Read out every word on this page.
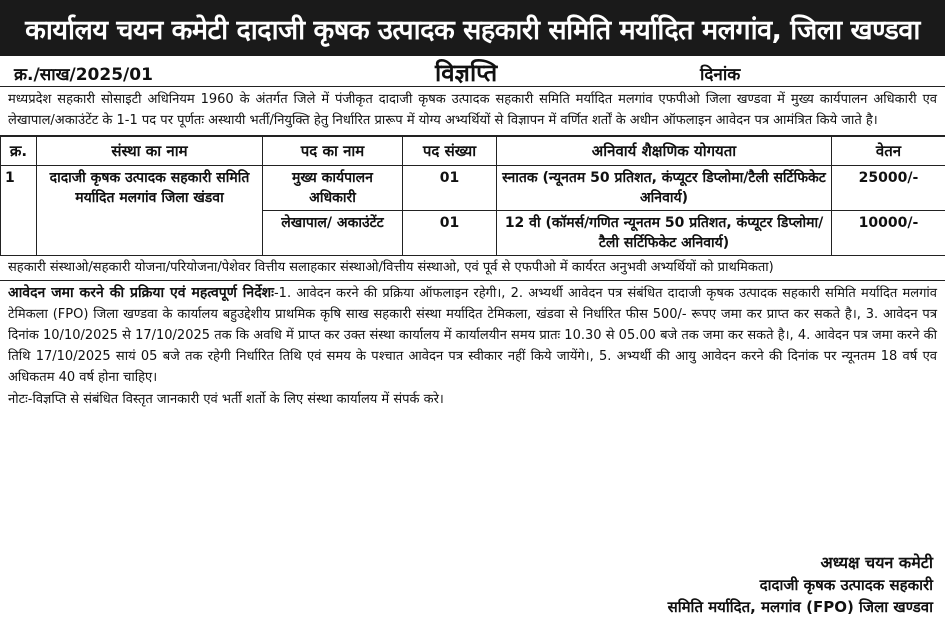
कार्यालय चयन कमेटी दादाजी कृषक उत्पादक सहकारी समिति मर्यादित मलगांव, जिला खण्डवा
क्र./साख/2025/01	विज्ञप्ति	दिनांक
मध्यप्रदेश सहकारी सोसाइटी अधिनियम 1960 के अंतर्गत जिले में पंजीकृत दादाजी कृषक उत्पादक सहकारी समिति मर्यादित मलगांव एफपीओ जिला खण्डवा में मुख्य कार्यपालन अधिकारी एव लेखापाल/अकाउंटेंट के 1-1 पद पर पूर्णतः अस्थायी भर्ती/नियुक्ति हेतु निर्धारित प्रारूप में योग्य अभ्यर्थियों से विज्ञापन में वर्णित शर्तों के अधीन ऑफलाइन आवेदन पत्र आमंत्रित किये जाते है।
क्र.	संस्था का नाम	पद का नाम	पद संख्या	अनिवार्य शैक्षणिक योगयता	वेतन
1	दादाजी कृषक उत्पादक सहकारी समिति मर्यादित मलगांव जिला खंडवा	मुख्य कार्यपालन अधिकारी	01	स्नातक (न्यूनतम 50 प्रतिशत, कंप्यूटर डिप्लोमा/टैली सर्टिफिकेट अनिवार्य)	25000/-
		लेखापाल/ अकाउंटेंट	01	12 वी (कॉमर्स/गणित न्यूनतम 50 प्रतिशत, कंप्यूटर डिप्लोमा/टैली सर्टिफिकेट अनिवार्य)	10000/-
सहकारी संस्थाओ/सहकारी योजना/परियोजना/पेशेवर वित्तीय सलाहकार संस्थाओ/वित्तीय संस्थाओ, एवं पूर्व से एफपीओ में कार्यरत अनुभवी अभ्यर्थियों को प्राथमिकता)
आवेदन जमा करने की प्रक्रिया एवं महत्वपूर्ण निर्देशः-1. आवेदन करने की प्रक्रिया ऑफलाइन रहेगी।, 2. अभ्यर्थी आवेदन पत्र संबंधित दादाजी कृषक उत्पादक सहकारी समिति मर्यादित मलगांव टेमिकला (FPO) जिला खण्डवा के कार्यालय बहुउद्देशीय प्राथमिक कृषि साख सहकारी संस्था मर्यादित टेमिकला, खंडवा से निर्धारित फीस 500/- रूपए जमा कर प्राप्त कर सकते है।, 3. आवेदन पत्र दिनांक 10/10/2025 से 17/10/2025 तक कि अवधि में प्राप्त कर उक्त संस्था कार्यालय में कार्यालयीन समय प्रातः 10.30 से 05.00 बजे तक जमा कर सकते है।, 4. आवेदन पत्र जमा करने की तिथि 17/10/2025 सायं 05 बजे तक रहेगी निर्धारित तिथि एवं समय के पश्चात आवेदन पत्र स्वीकार नहीं किये जायेंगे।, 5. अभ्यर्थी की आयु आवेदन करने की दिनांक पर न्यूनतम 18 वर्ष एव अधिकतम 40 वर्ष होना चाहिए।
नोटः-विज्ञप्ति से संबंधित विस्तृत जानकारी एवं भर्ती शर्तो के लिए संस्था कार्यालय में संपर्क करे।
अध्यक्ष चयन कमेटी
दादाजी कृषक उत्पादक सहकारी
समिति मर्यादित, मलगांव (FPO) जिला खण्डवा
